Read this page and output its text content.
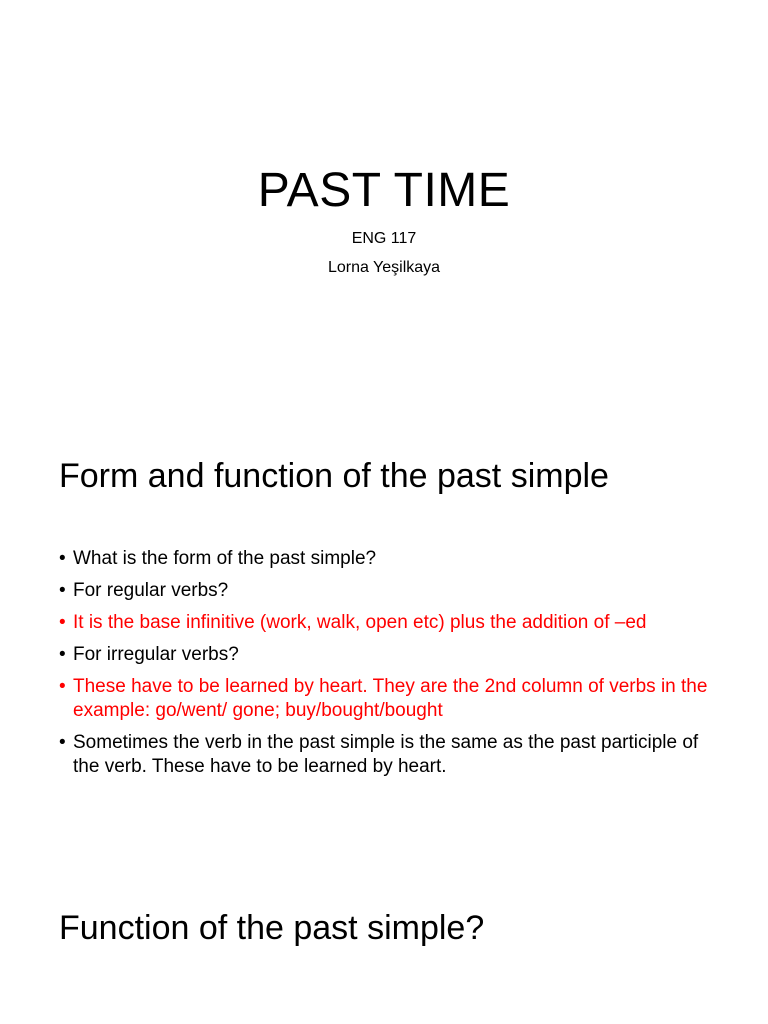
PAST TIME
ENG 117
Lorna Yeşilkaya
Form and function of the past simple
• What is the form of the past simple?
• For regular verbs?
• It is the base infinitive (work, walk, open etc) plus the addition of –ed
• For irregular verbs?
• These have to be learned by heart. They are the 2nd column of verbs in the example: go/went/ gone; buy/bought/bought
• Sometimes the verb in the past simple is the same as the past participle of the verb. These have to be learned by heart.
Function of the past simple?
